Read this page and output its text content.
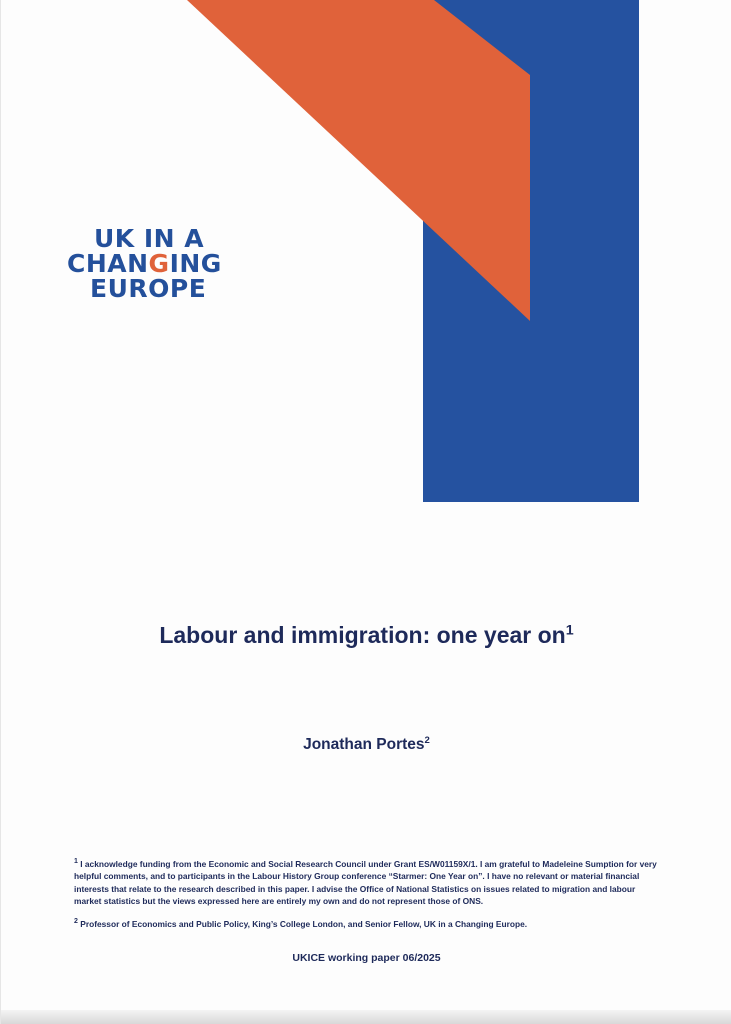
UK IN A
CHANGING
EUROPE
Labour and immigration: one year $on^1$
Jonathan Portes$^2$

$^1$ I acknowledge funding from the Economic and Social Research Council under Grant ES/W01159X/1. I am grateful to Madeleine Sumption for very helpful comments, and to participants in the Labour History Group conference “Starmer: One Year on”. I have no relevant or material financial interests that relate to the research described in this paper. I advise the Office of National Statistics on issues related to migration and labour market statistics but the views expressed here are entirely my own and do not represent those of ONS.

$^2$ Professor of Economics and Public Policy, King’s College London, and Senior Fellow, UK in a Changing Europe.

UKICE working paper 06/2025
